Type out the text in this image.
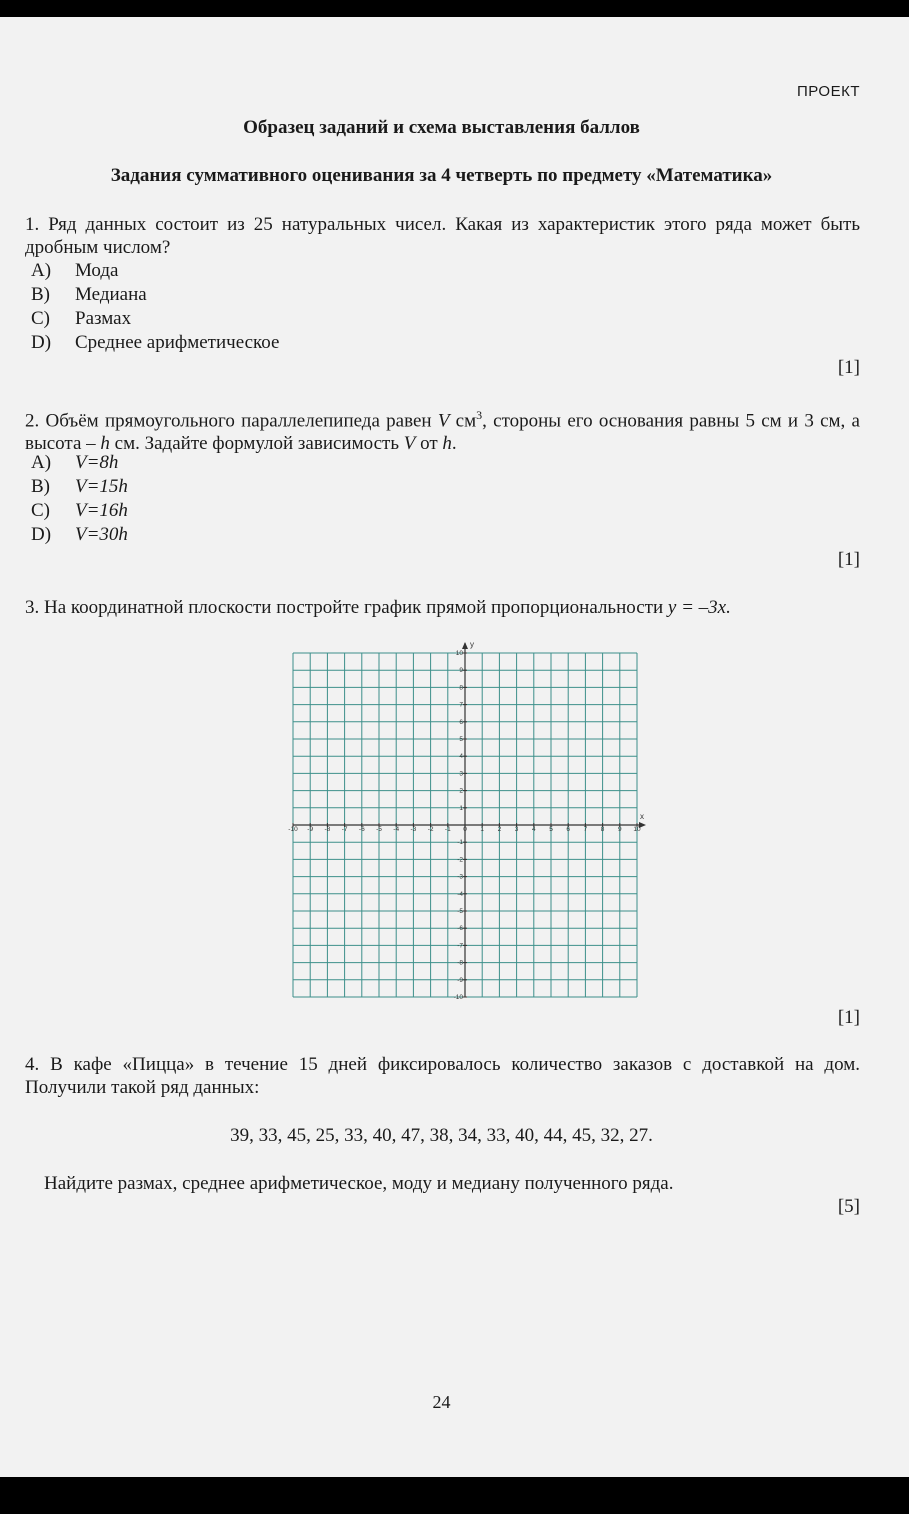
ПРОЕКТ
Образец заданий и схема выставления баллов
Задания суммативного оценивания за 4 четверть по предмету «Математика»
1. Ряд данных состоит из 25 натуральных чисел. Какая из характеристик этого ряда может быть дробным числом?
A) Мода
B) Медиана
C) Размах
D) Среднее арифметическое
[1]
2. Объём прямоугольного параллелепипеда равен V $см^3$, стороны его основания равны 5 см и 3 см, а высота – h см. Задайте формулой зависимость V от h.
A) V=8h
B) V=15h
C) V=16h
D) V=30h
[1]
3. На координатной плоскости постройте график прямой пропорциональности y = –3x.
y
x
-10 -9 -8 -7 -6 -5 -4 -3 -2 -1 0 1 2 3 4 5 6 7 8 9 10
1
2
3
4
5
6
7
8
9
10
-1
-2
-3
-4
-5
-6
-7
-8
-9
-10
[1]
4. В кафе «Пицца» в течение 15 дней фиксировалось количество заказов с доставкой на дом. Получили такой ряд данных:
39, 33, 45, 25, 33, 40, 47, 38, 34, 33, 40, 44, 45, 32, 27.
Найдите размах, среднее арифметическое, моду и медиану полученного ряда.
[5]
24
